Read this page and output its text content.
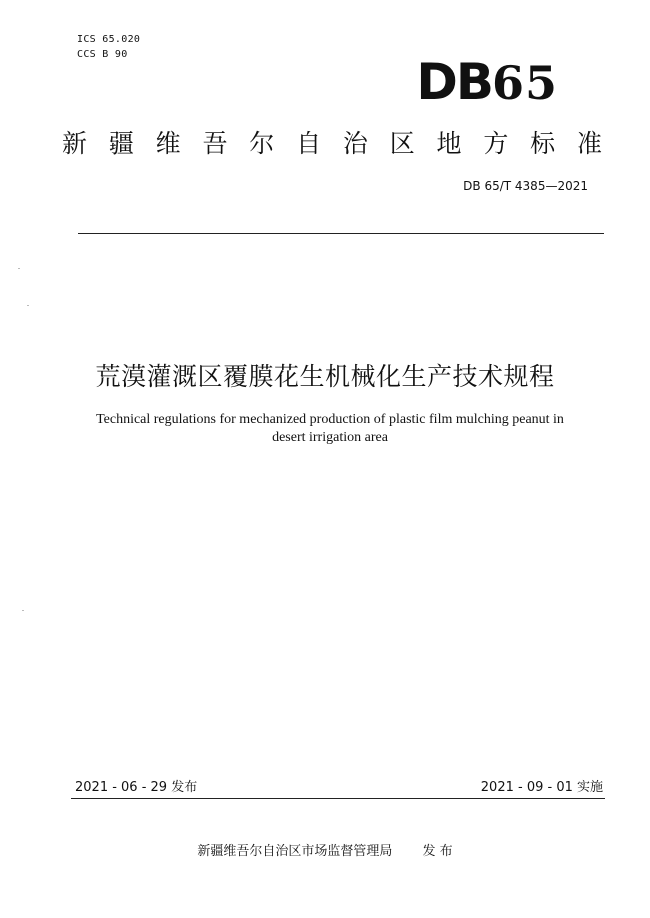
ICS 65.020
CCS B 90	DB65
新 疆 维 吾 尔 自 治 区 地 方 标 准
DB 65/T 4385—2021
荒漠灌溉区覆膜花生机械化生产技术规程
Technical regulations for mechanized production of plastic film mulching peanut in
desert irrigation area
2021 - 06 - 29 发布	2021 - 09 - 01 实施
新疆维吾尔自治区市场监督管理局 发 布
